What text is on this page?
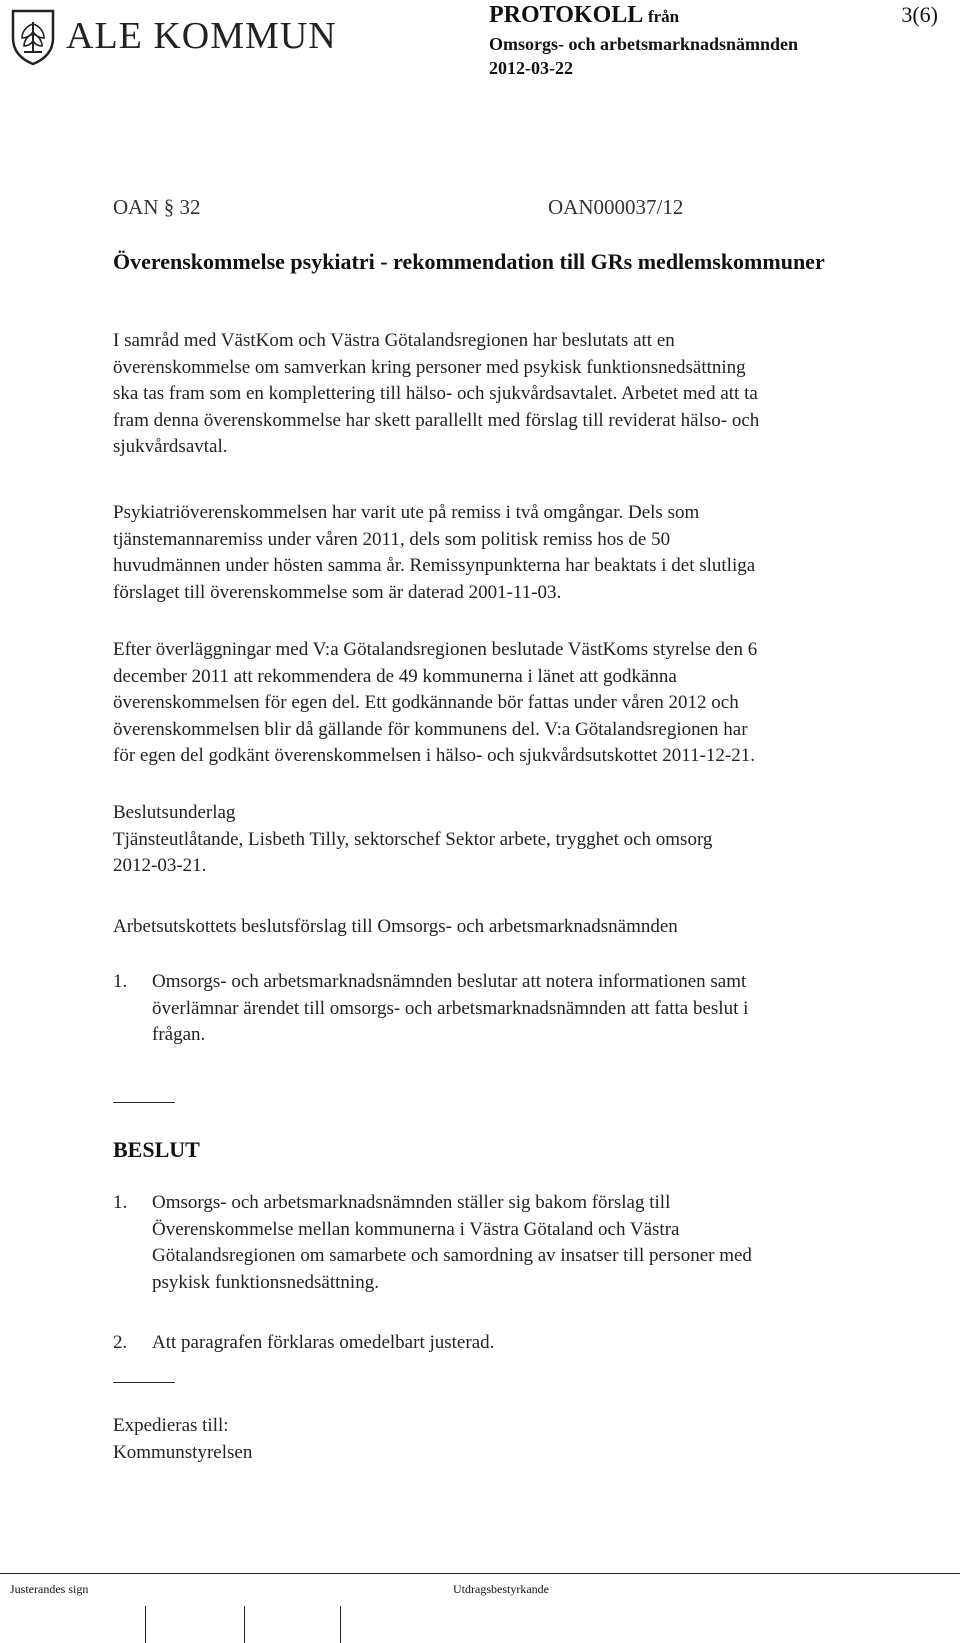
ALE KOMMUN	PROTOKOLL från	3(6)
Omsorgs- och arbetsmarknadsnämnden
2012-03-22
OAN § 32	OAN000037/12
Överenskommelse psykiatri - rekommendation till GRs medlemskommuner
I samråd med VästKom och Västra Götalandsregionen har beslutats att en
överenskommelse om samverkan kring personer med psykisk funktionsnedsättning
ska tas fram som en komplettering till hälso- och sjukvårdsavtalet. Arbetet med att ta
fram denna överenskommelse har skett parallellt med förslag till reviderat hälso- och
sjukvårdsavtal.
Psykiatriöverenskommelsen har varit ute på remiss i två omgångar. Dels som
tjänstemannaremiss under våren 2011, dels som politisk remiss hos de 50
huvudmännen under hösten samma år. Remissynpunkterna har beaktats i det slutliga
förslaget till överenskommelse som är daterad 2001-11-03.
Efter överläggningar med V:a Götalandsregionen beslutade VästKoms styrelse den 6
december 2011 att rekommendera de 49 kommunerna i länet att godkänna
överenskommelsen för egen del. Ett godkännande bör fattas under våren 2012 och
överenskommelsen blir då gällande för kommunens del. V:a Götalandsregionen har
för egen del godkänt överenskommelsen i hälso- och sjukvårdsutskottet 2011-12-21.
Beslutsunderlag
Tjänsteutlåtande, Lisbeth Tilly, sektorschef Sektor arbete, trygghet och omsorg
2012-03-21.
Arbetsutskottets beslutsförslag till Omsorgs- och arbetsmarknadsnämnden
1. Omsorgs- och arbetsmarknadsnämnden beslutar att notera informationen samt
överlämnar ärendet till omsorgs- och arbetsmarknadsnämnden att fatta beslut i
frågan.
BESLUT
1. Omsorgs- och arbetsmarknadsnämnden ställer sig bakom förslag till
Överenskommelse mellan kommunerna i Västra Götaland och Västra
Götalandsregionen om samarbete och samordning av insatser till personer med
psykisk funktionsnedsättning.
2. Att paragrafen förklaras omedelbart justerad.
Expedieras till:
Kommunstyrelsen
Justerandes sign	Utdragsbestyrkande
